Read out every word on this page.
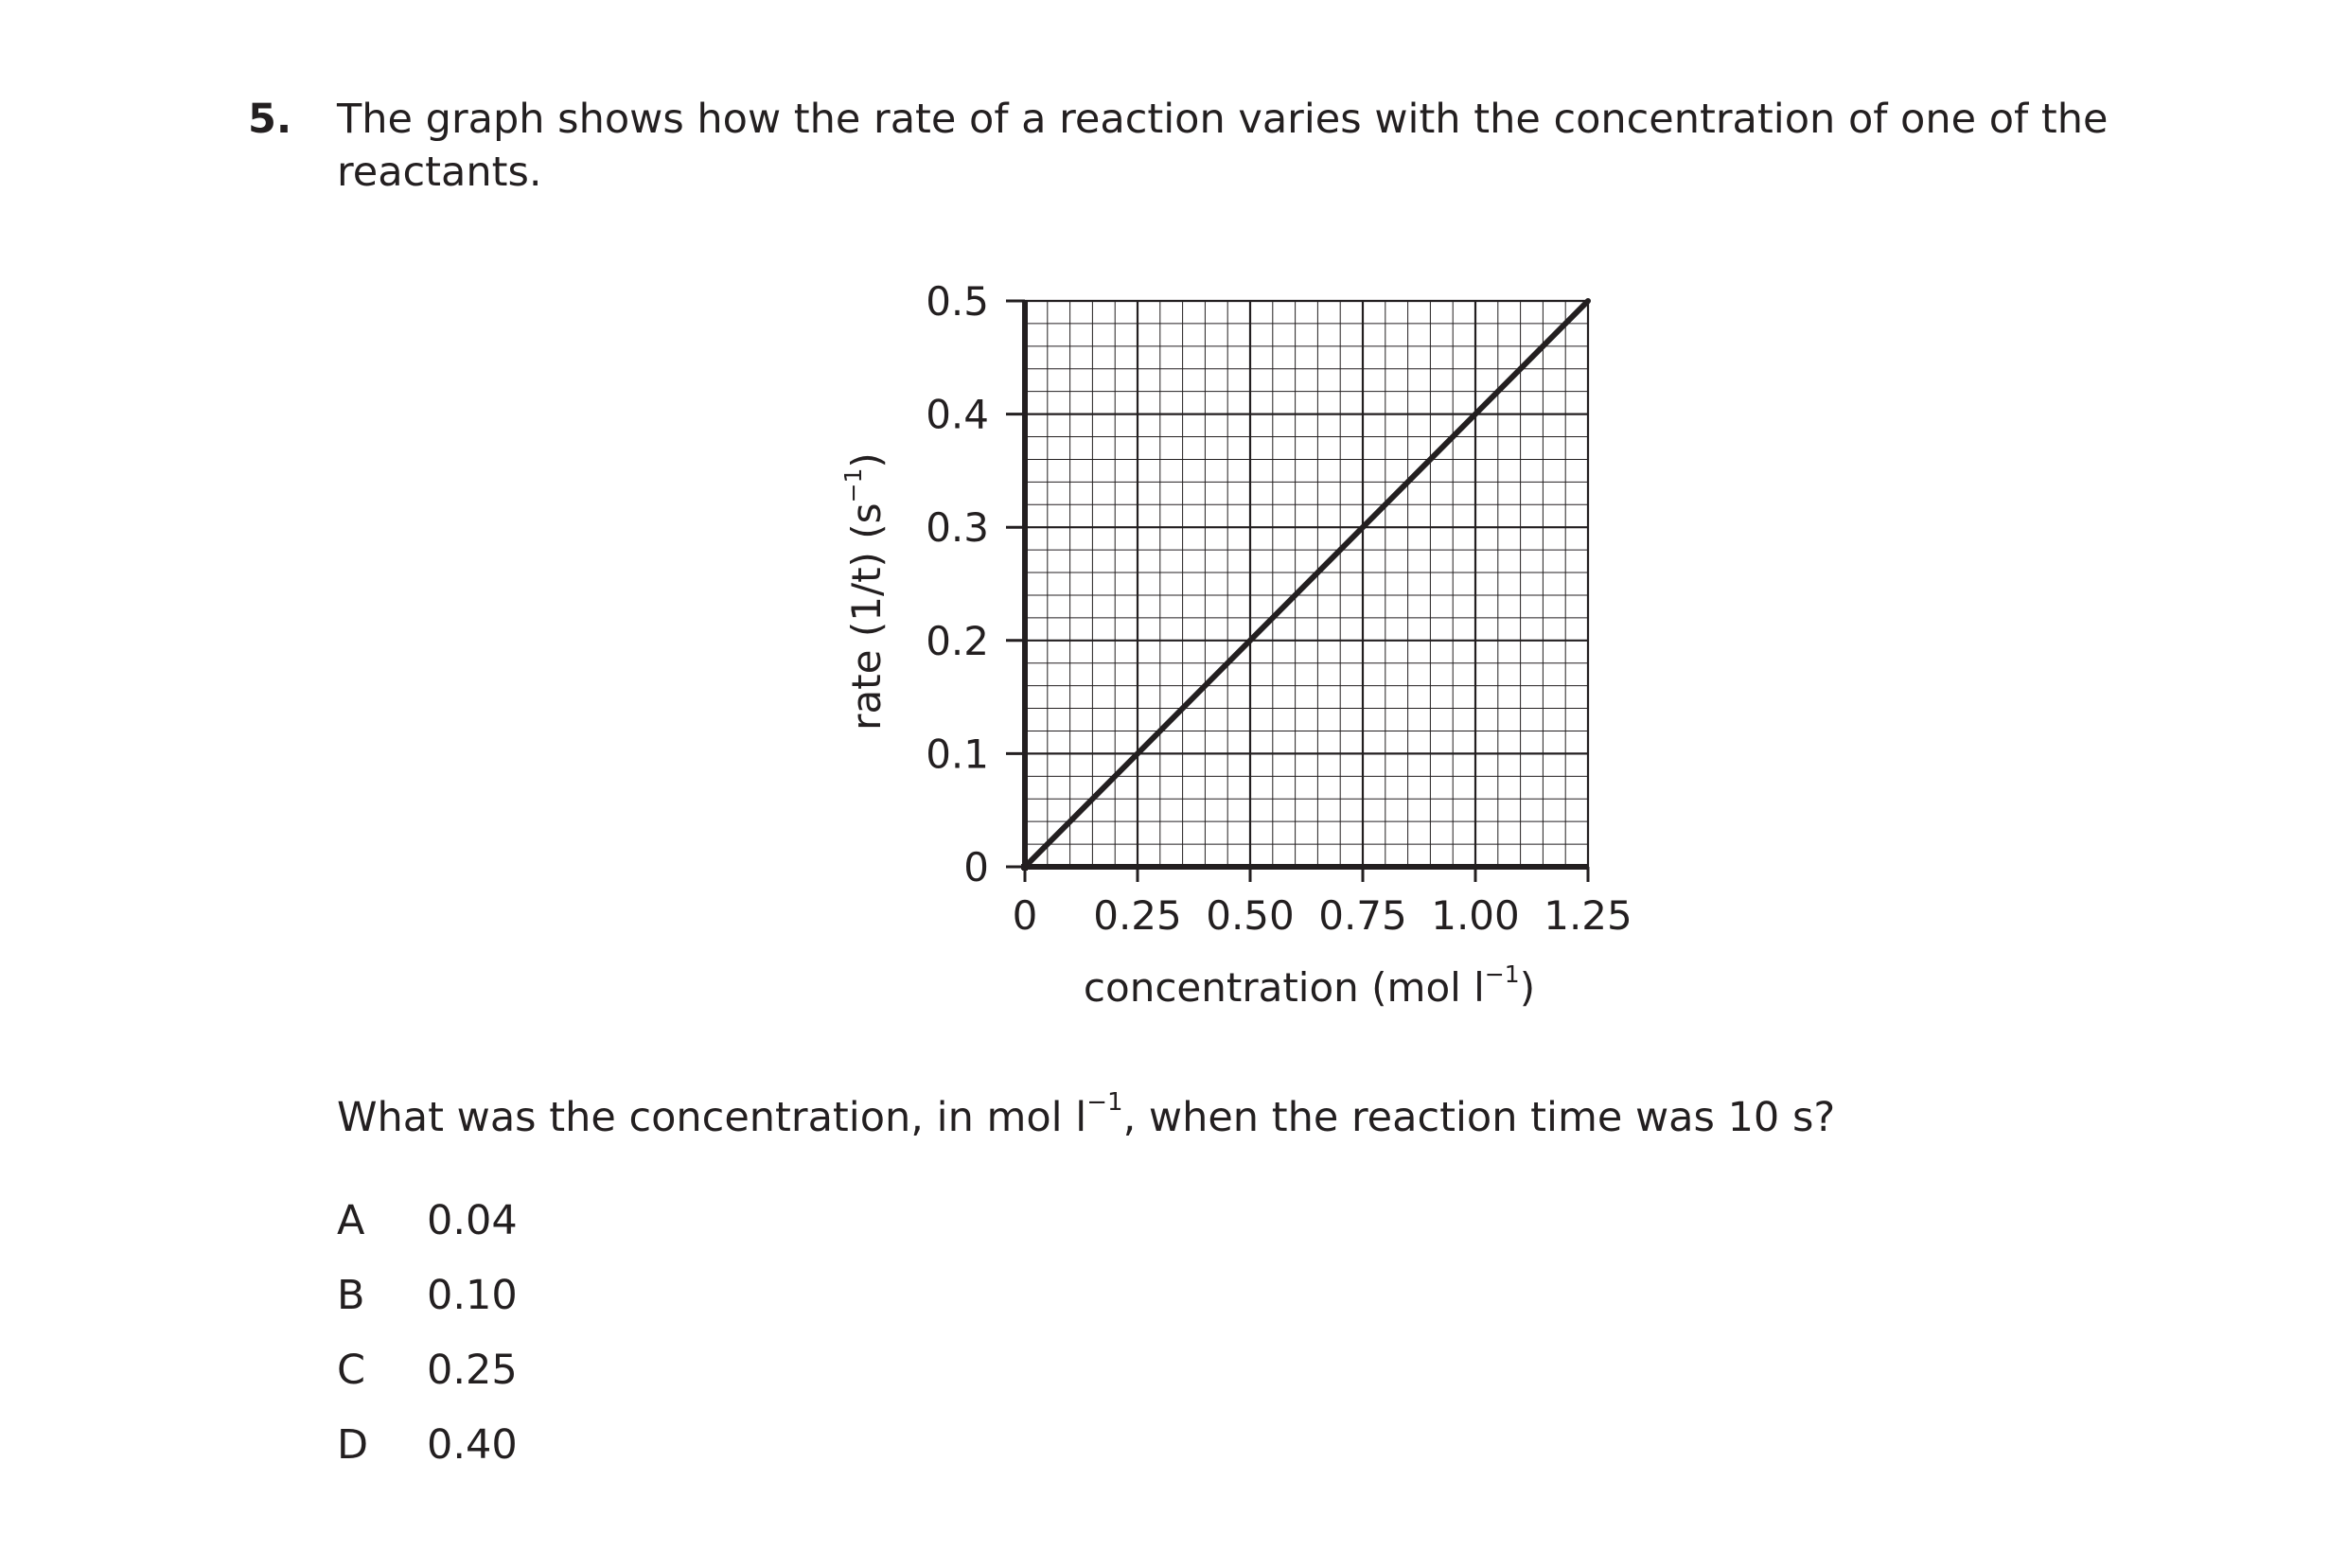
5. The graph shows how the rate of a reaction varies with the concentration of one of the
reactants.
0 0.25 0.50 0.75 1.00 1.25
0
0.1
0.2
0.3
0.4
0.5
concentration (mol $l^{-1}$)
rate (1/t) $(s^{-1})$
What was the concentration, in mol $l^{-1}$, when the reaction time was 10 s?
A 0.04
B 0.10
C 0.25
D 0.40
